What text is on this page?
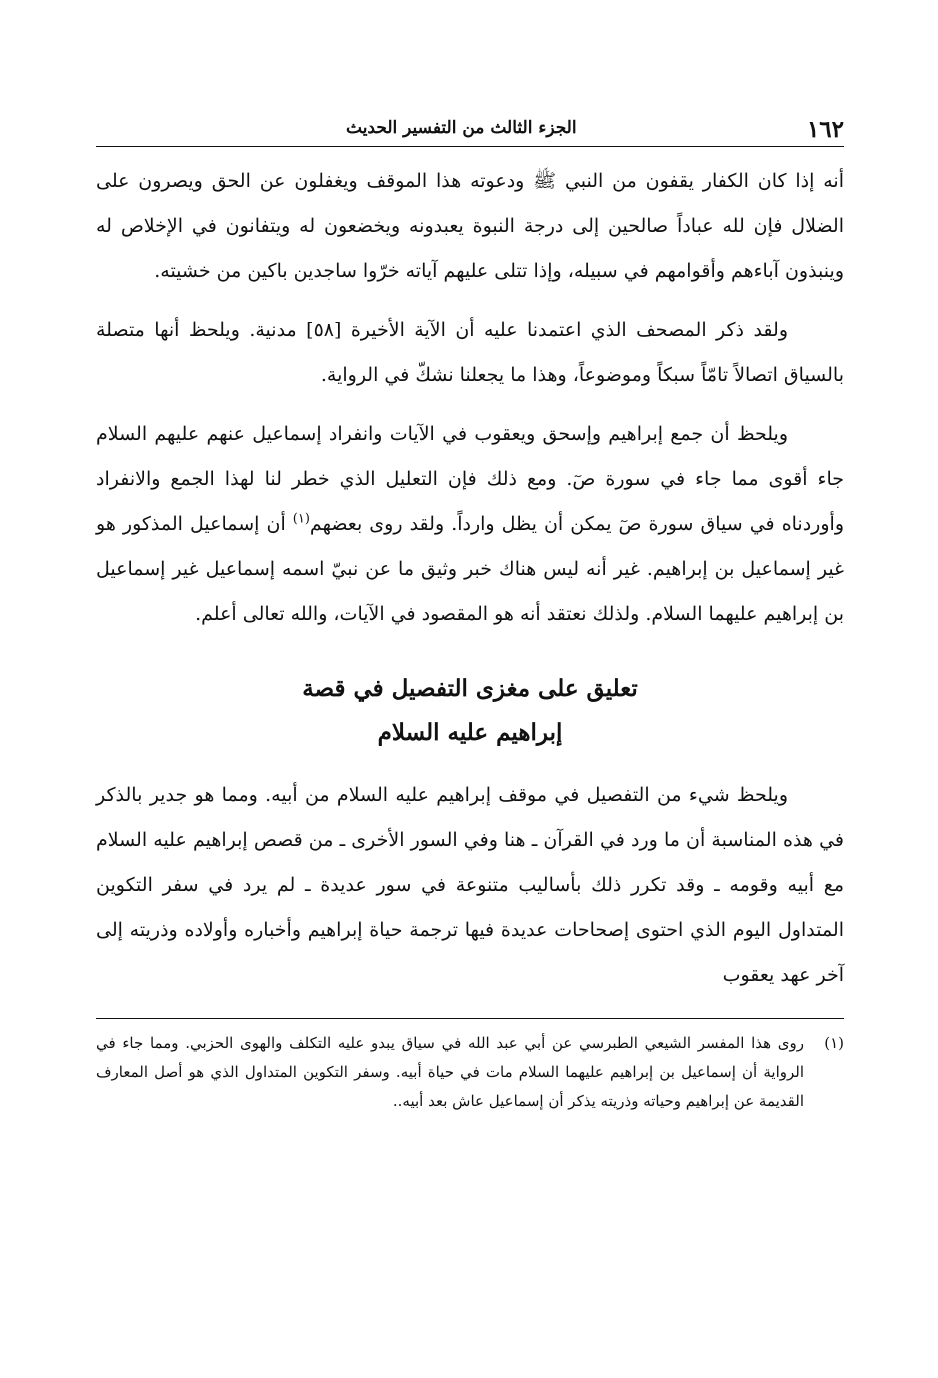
١٦٢
الجزء الثالث من التفسير الحديث

أنه إذا كان الكفار يقفون من النبي ﷺ ودعوته هذا الموقف ويغفلون عن الحق ويصرون على الضلال فإن لله عباداً صالحين إلى درجة النبوة يعبدونه ويخضعون له ويتفانون في الإخلاص له وينبذون آباءهم وأقوامهم في سبيله، وإذا تتلى عليهم آياته خرّوا ساجدين باكين من خشيته.

ولقد ذكر المصحف الذي اعتمدنا عليه أن الآية الأخيرة [٥٨] مدنية. ويلحظ أنها متصلة بالسياق اتصالاً تامّاً سبكاً وموضوعاً، وهذا ما يجعلنا نشكّ في الرواية.

ويلحظ أن جمع إبراهيم وإسحق ويعقوب في الآيات وانفراد إسماعيل عنهم عليهم السلام جاء أقوى مما جاء في سورة صٓ. ومع ذلك فإن التعليل الذي خطر لنا لهذا الجمع والانفراد وأوردناه في سياق سورة صٓ يمكن أن يظل وارداً. ولقد روى بعضهم$^{(١)}$ أن إسماعيل المذكور هو غير إسماعيل بن إبراهيم. غير أنه ليس هناك خبر وثيق ما عن نبيّ اسمه إسماعيل غير إسماعيل بن إبراهيم عليهما السلام. ولذلك نعتقد أنه هو المقصود في الآيات، والله تعالى أعلم.

تعليق على مغزى التفصيل في قصة
إبراهيم عليه السلام

ويلحظ شيء من التفصيل في موقف إبراهيم عليه السلام من أبيه. ومما هو جدير بالذكر في هذه المناسبة أن ما ورد في القرآن ـ هنا وفي السور الأخرى ـ من قصص إبراهيم عليه السلام مع أبيه وقومه ـ وقد تكرر ذلك بأساليب متنوعة في سور عديدة ـ لم يرد في سفر التكوين المتداول اليوم الذي احتوى إصحاحات عديدة فيها ترجمة حياة إبراهيم وأخباره وأولاده وذريته إلى آخر عهد يعقوب

(١)
روى هذا المفسر الشيعي الطبرسي عن أبي عبد الله في سياق يبدو عليه التكلف والهوى الحزبي. ومما جاء في الرواية أن إسماعيل بن إبراهيم عليهما السلام مات في حياة أبيه. وسفر التكوين المتداول الذي هو أصل المعارف القديمة عن إبراهيم وحياته وذريته يذكر أن إسماعيل عاش بعد أبيه..
